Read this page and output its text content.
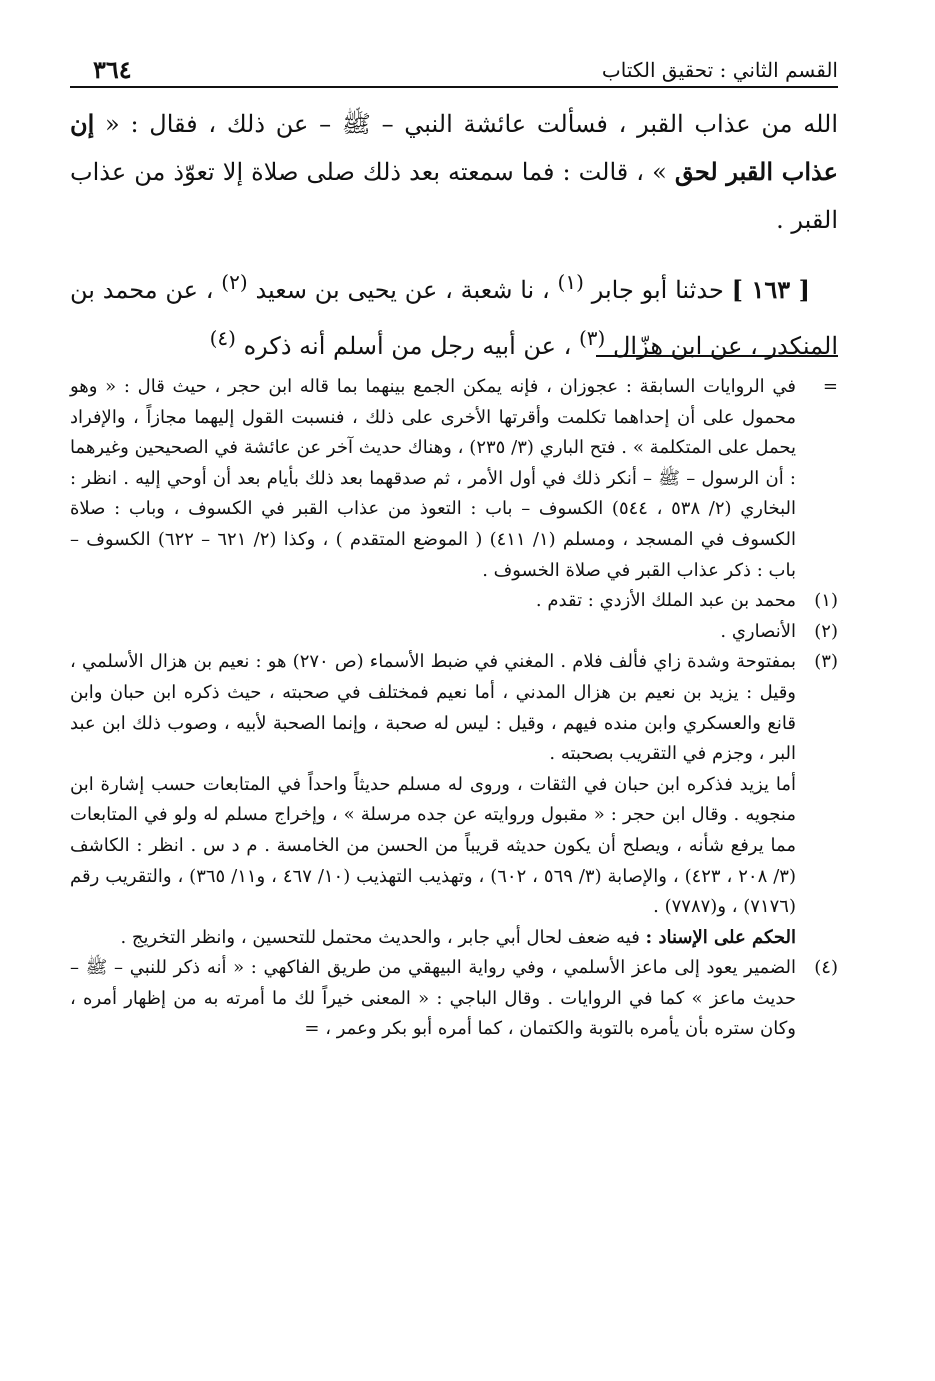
القسم الثاني : تحقيق الكتاب
٣٦٤

الله من عذاب القبر ، فسألت عائشة النبي – ﷺ – عن ذلك ، فقال : « إن عذاب القبر لحق » ، قالت : فما سمعته بعد ذلك صلى صلاة إلا تعوّذ من عذاب القبر .

[ ١٦٣ ] حدثنا أبو جابر $^{(١)}$ ، نا شعبة ، عن يحيى بن سعيد $^{(٢)}$ ، عن محمد بن المنكدر ، عن ابن هزّال $^{(٣)}$ ، عن أبيه رجل من أسلم أنه ذكره $^{(٤)}$

=

في الروايات السابقة : عجوزان ، فإنه يمكن الجمع بينهما بما قاله ابن حجر ، حيث قال : « وهو محمول على أن إحداهما تكلمت وأقرتها الأخرى على ذلك ، فنسبت القول إليهما مجازاً ، والإفراد يحمل على المتكلمة » . فتح الباري (٣/ ٢٣٥) ، وهناك حديث آخر عن عائشة في الصحيحين وغيرهما : أن الرسول – ﷺ – أنكر ذلك في أول الأمر ، ثم صدقهما بعد ذلك بأيام بعد أن أوحي إليه . انظر : البخاري (٢/ ٥٣٨ ، ٥٤٤) الكسوف – باب : التعوذ من عذاب القبر في الكسوف ، وباب : صلاة الكسوف في المسجد ، ومسلم (١/ ٤١١) ( الموضع المتقدم ) ، وكذا (٢/ ٦٢١ – ٦٢٢) الكسوف – باب : ذكر عذاب القبر في صلاة الخسوف .

(١)

محمد بن عبد الملك الأزدي : تقدم .

(٢)

الأنصاري .

(٣)

بمفتوحة وشدة زاي فألف فلام . المغني في ضبط الأسماء (ص ٢٧٠) هو : نعيم بن هزال الأسلمي ، وقيل : يزيد بن نعيم بن هزال المدني ، أما نعيم فمختلف في صحبته ، حيث ذكره ابن حبان وابن قانع والعسكري وابن منده فيهم ، وقيل : ليس له صحبة ، وإنما الصحبة لأبيه ، وصوب ذلك ابن عبد البر ، وجزم في التقريب بصحبته .

أما يزيد فذكره ابن حبان في الثقات ، وروى له مسلم حديثاً واحداً في المتابعات حسب إشارة ابن منجويه . وقال ابن حجر : « مقبول وروايته عن جده مرسلة » ، وإخراج مسلم له ولو في المتابعات مما يرفع شأنه ، ويصلح أن يكون حديثه قريباً من الحسن من الخامسة . م د س . انظر : الكاشف (٣/ ٢٠٨ ، ٤٢٣) ، والإصابة (٣/ ٥٦٩ ، ٦٠٢) ، وتهذيب التهذيب (١٠/ ٤٦٧ ، و١١/ ٣٦٥) ، والتقريب رقم (٧١٧٦) ، و(٧٧٨٧) .

الحكم على الإسناد : فيه ضعف لحال أبي جابر ، والحديث محتمل للتحسين ، وانظر التخريج .

(٤)

الضمير يعود إلى ماعز الأسلمي ، وفي رواية البيهقي من طريق الفاكهي : « أنه ذكر للنبي – ﷺ – حديث ماعز » كما في الروايات . وقال الباجي : « المعنى خيراً لك ما أمرته به من إظهار أمره ، وكان ستره بأن يأمره بالتوبة والكتمان ، كما أمره أبو بكر وعمر ، =
